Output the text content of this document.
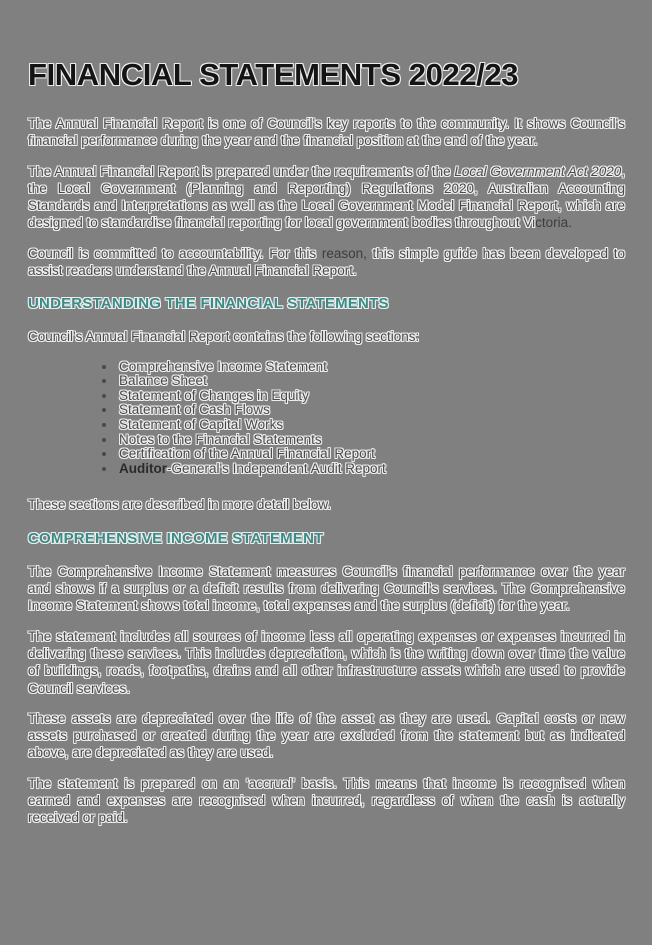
FINANCIAL STATEMENTS 2022/23

The Annual Financial Report is one of Council's key reports to the community. It shows Council's financial performance during the year and the financial position at the end of the year.

The Annual Financial Report is prepared under the requirements of the Local Government Act 2020, the Local Government (Planning and Reporting) Regulations 2020, Australian Accounting Standards and Interpretations as well as the Local Government Model Financial Report, which are designed to standardise financial reporting for local government bodies throughout Victoria.

Council is committed to accountability. For this reason, this simple guide has been developed to assist readers understand the Annual Financial Report.

UNDERSTANDING THE FINANCIAL STATEMENTS

Council's Annual Financial Report contains the following sections:

• Comprehensive Income Statement
• Balance Sheet
• Statement of Changes in Equity
• Statement of Cash Flows
• Statement of Capital Works
• Notes to the Financial Statements
• Certification of the Annual Financial Report
• Auditor-General's Independent Audit Report

These sections are described in more detail below.

COMPREHENSIVE INCOME STATEMENT

The Comprehensive Income Statement measures Council's financial performance over the year and shows if a surplus or a deficit results from delivering Council's services. The Comprehensive Income Statement shows total income, total expenses and the surplus (deficit) for the year.

The statement includes all sources of income less all operating expenses or expenses incurred in delivering these services. This includes depreciation, which is the writing down over time the value of buildings, roads, footpaths, drains and all other infrastructure assets which are used to provide Council services.

These assets are depreciated over the life of the asset as they are used. Capital costs or new assets purchased or created during the year are excluded from the statement but as indicated above, are depreciated as they are used.

The statement is prepared on an ‘accrual’ basis. This means that income is recognised when earned and expenses are recognised when incurred, regardless of when the cash is actually received or paid.
